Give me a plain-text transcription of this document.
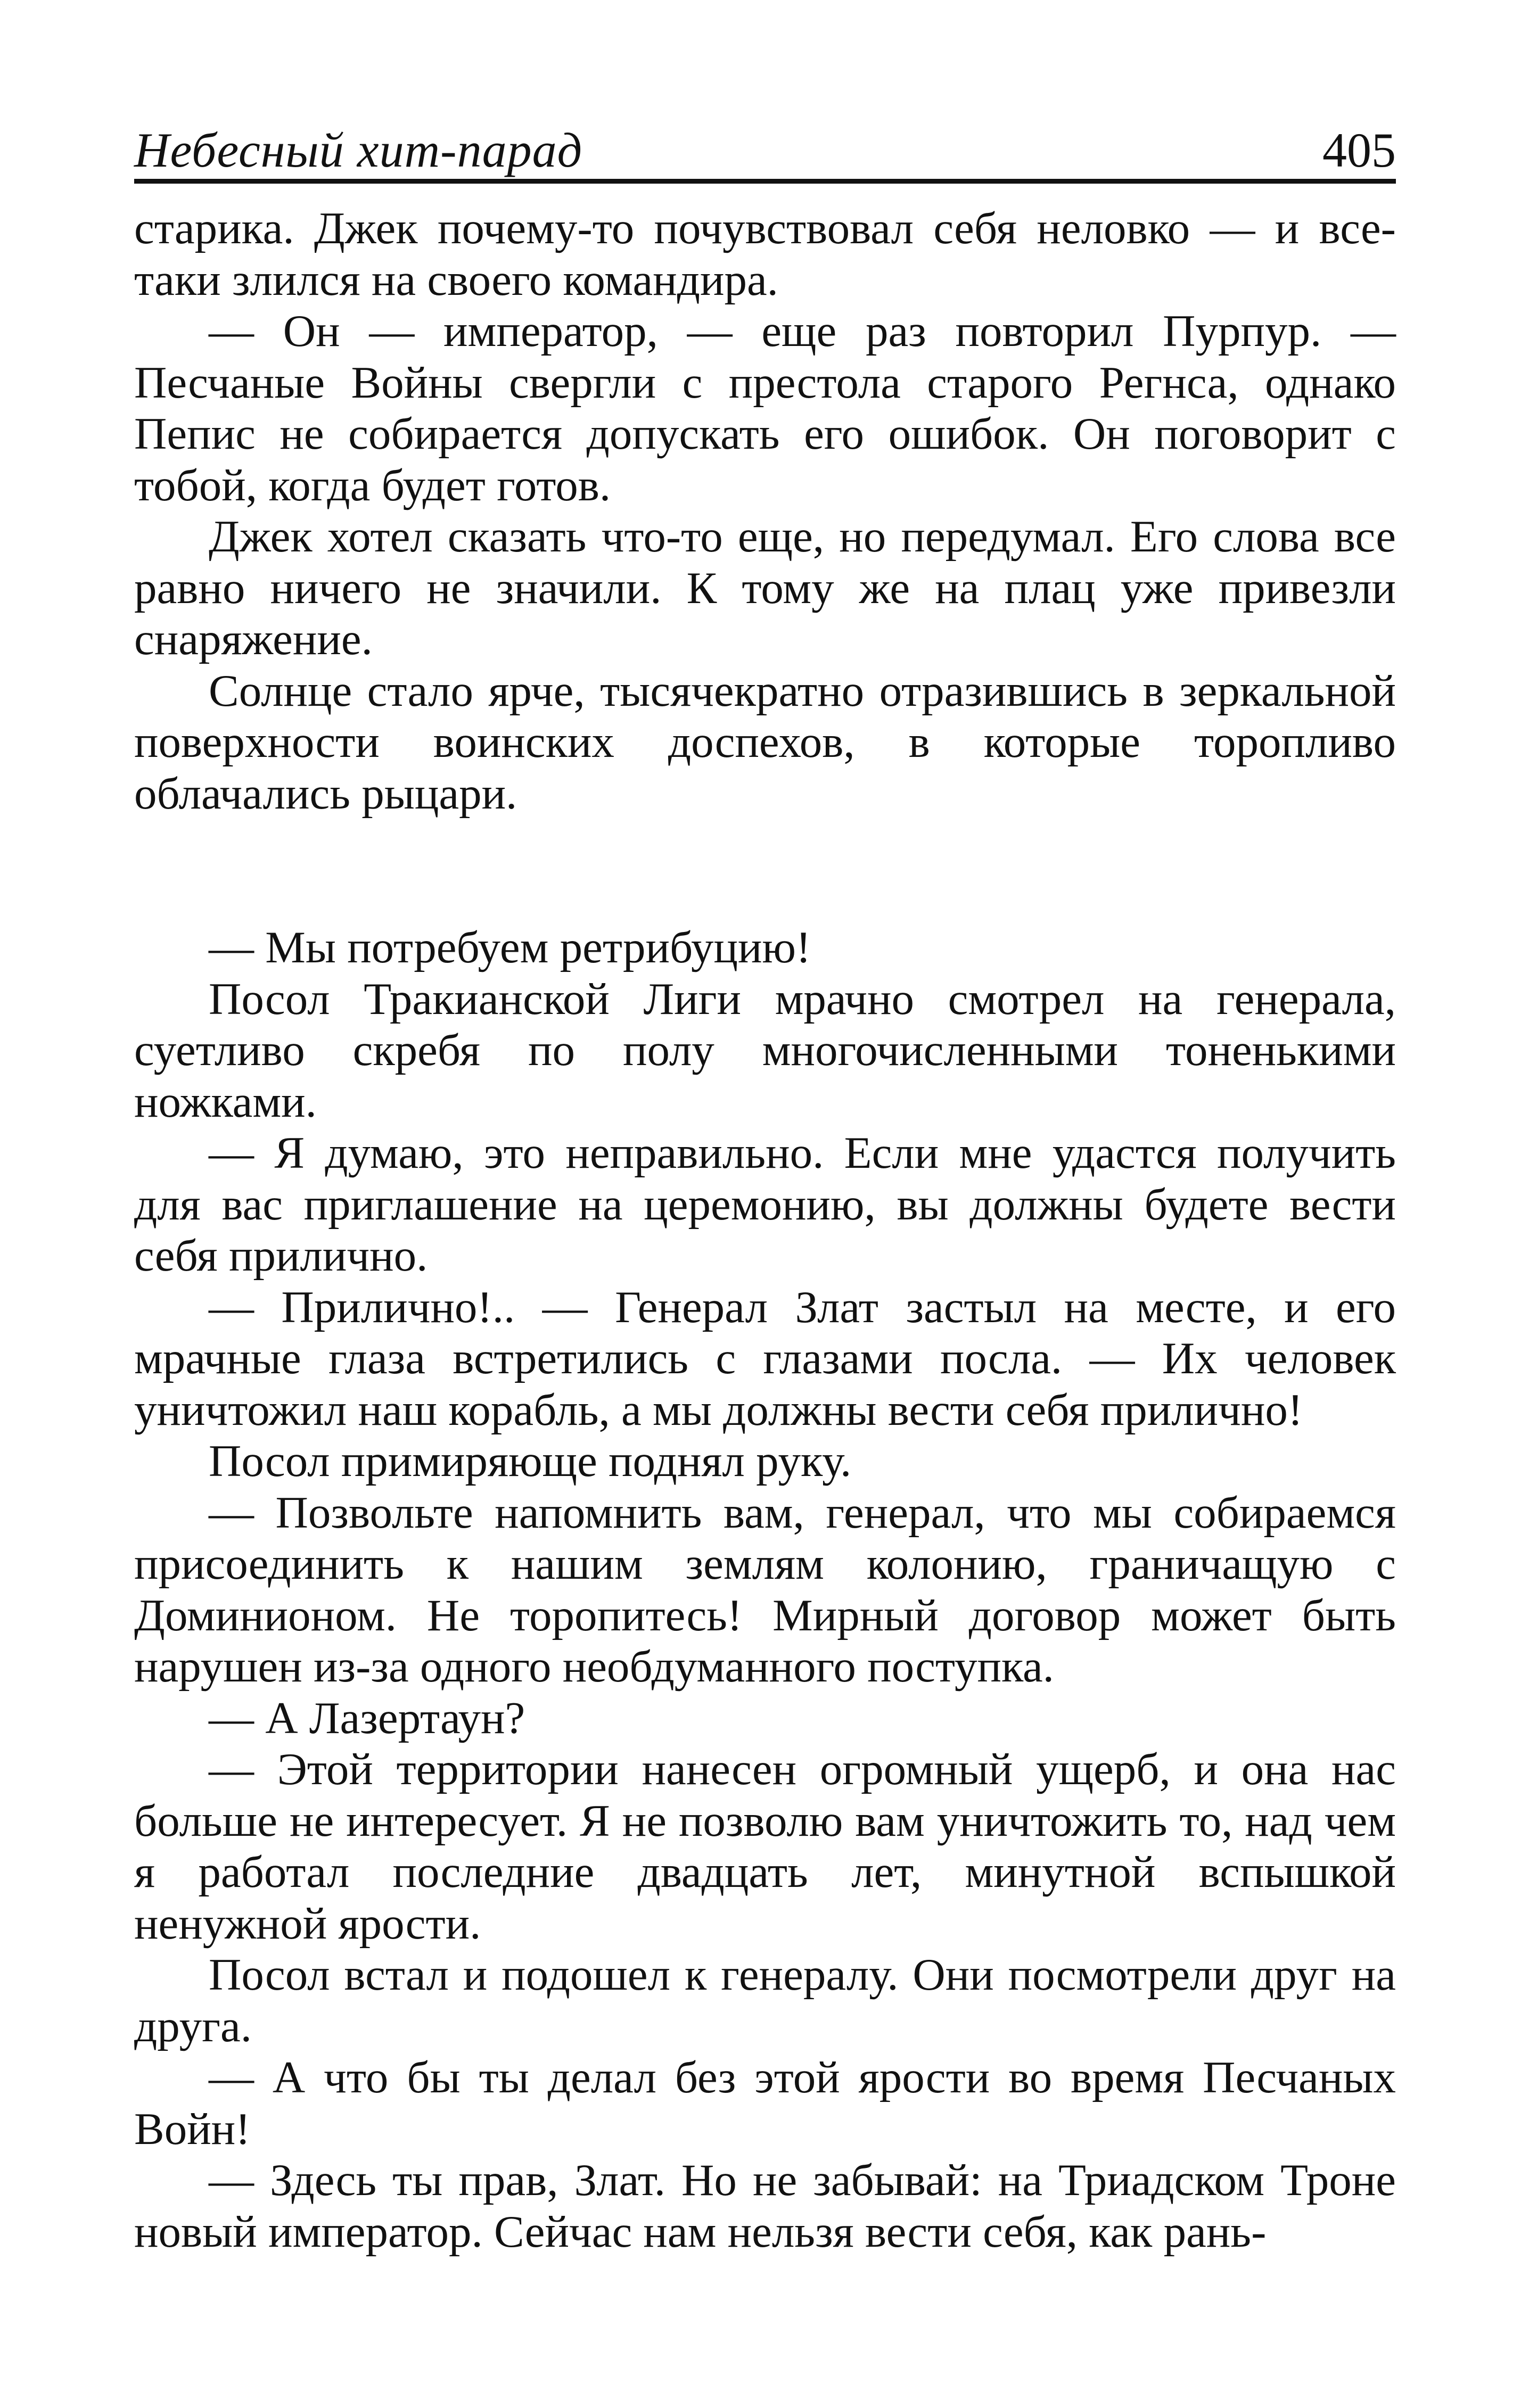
Небесный хит-парад	405

старика. Джек почему-то почувствовал себя неловко — и все-таки злился на своего командира.

— Он — император, — еще раз повторил Пурпур. — Песчаные Войны свергли с престола старого Регнса, однако Пепис не собирается допускать его ошибок. Он поговорит с тобой, когда будет готов.

Джек хотел сказать что-то еще, но передумал. Его слова все равно ничего не значили. К тому же на плац уже привезли снаряжение.

Солнце стало ярче, тысячекратно отразившись в зеркальной поверхности воинских доспехов, в которые торопливо облачались рыцари.

— Мы потребуем ретрибуцию!

Посол Тракианской Лиги мрачно смотрел на генерала, суетливо скребя по полу многочисленными тоненькими ножками.

— Я думаю, это неправильно. Если мне удастся получить для вас приглашение на церемонию, вы должны будете вести себя прилично.

— Прилично!.. — Генерал Злат застыл на месте, и его мрачные глаза встретились с глазами посла. — Их человек уничтожил наш корабль, а мы должны вести себя прилично!

Посол примиряюще поднял руку.

— Позвольте напомнить вам, генерал, что мы собираемся присоединить к нашим землям колонию, граничащую с Доминионом. Не торопитесь! Мирный договор может быть нарушен из-за одного необдуманного поступка.

— А Лазертаун?

— Этой территории нанесен огромный ущерб, и она нас больше не интересует. Я не позволю вам уничтожить то, над чем я работал последние двадцать лет, минутной вспышкой ненужной ярости.

Посол встал и подошел к генералу. Они посмотрели друг на друга.

— А что бы ты делал без этой ярости во время Песчаных Войн!

— Здесь ты прав, Злат. Но не забывай: на Триадском Троне новый император. Сейчас нам нельзя вести себя, как рань-
